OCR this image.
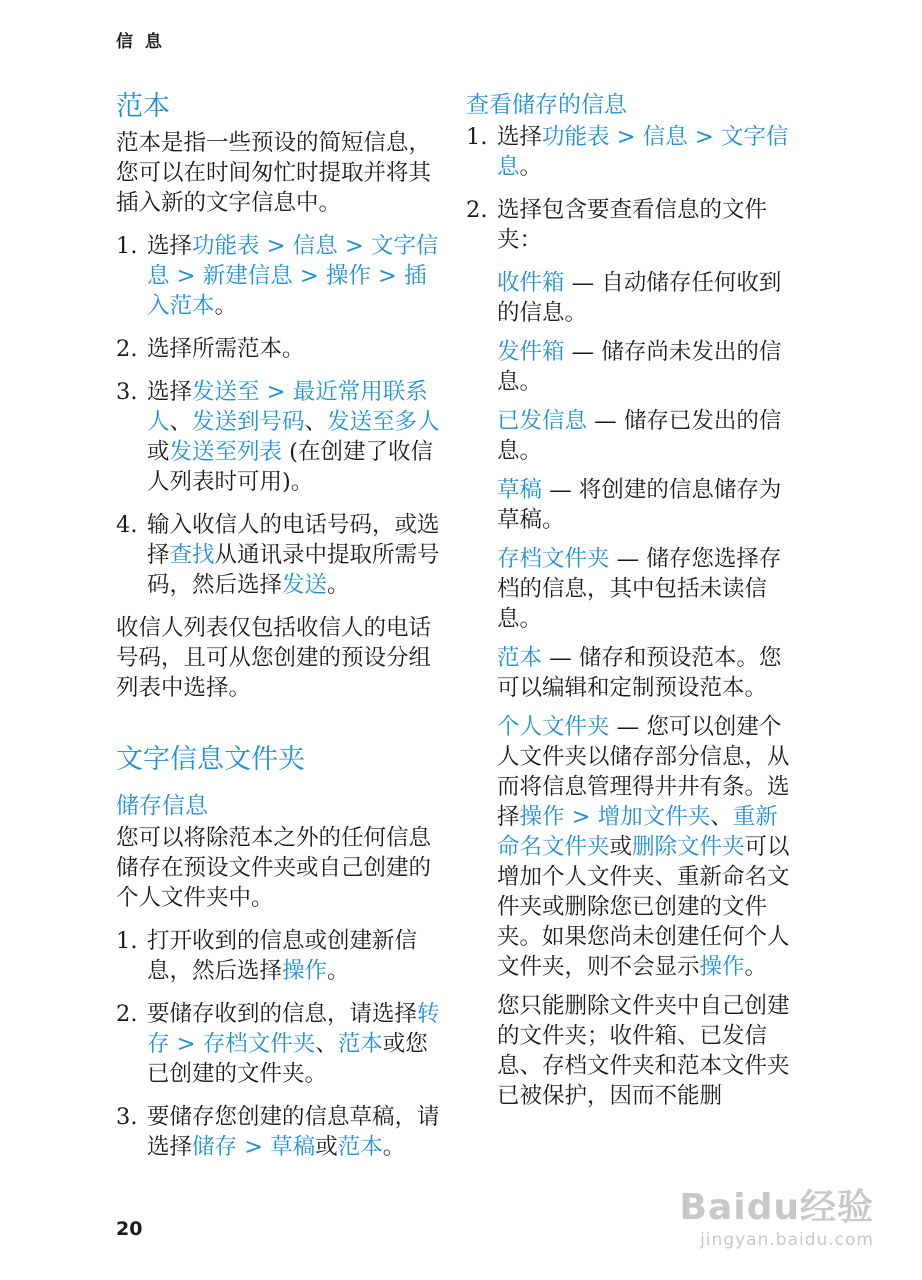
信 息
范本

范本是指一些预设的简短信息，您可以在时间匆忙时提取并将其插入新的文字信息中。

1. 选择功能表 > 信息 > 文字信息 > 新建信息 > 操作 > 插入范本。
2. 选择所需范本。
3. 选择发送至 > 最近常用联系人、发送到号码、发送至多人或发送至列表 (在创建了收信人列表时可用)。
4. 输入收信人的电话号码，或选择查找从通讯录中提取所需号码，然后选择发送。

收信人列表仅包括收信人的电话号码，且可从您创建的预设分组列表中选择。

文字信息文件夹
储存信息

您可以将除范本之外的任何信息储存在预设文件夹或自己创建的个人文件夹中。

1. 打开收到的信息或创建新信息，然后选择操作。
2. 要储存收到的信息，请选择转存 > 存档文件夹、范本或您已创建的文件夹。
3. 要储存您创建的信息草稿，请选择储存 > 草稿或范本。
查看储存的信息
1. 选择功能表 > 信息 > 文字信息。
2. 选择包含要查看信息的文件夹：

收件箱 — 自动储存任何收到的信息。

发件箱 — 储存尚未发出的信息。

已发信息 — 储存已发出的信息。

草稿 — 将创建的信息储存为草稿。

存档文件夹 — 储存您选择存档的信息，其中包括未读信息。

范本 — 储存和预设范本。您可以编辑和定制预设范本。

个人文件夹 — 您可以创建个人文件夹以储存部分信息，从而将信息管理得井井有条。选择操作 > 增加文件夹、重新命名文件夹或删除文件夹可以增加个人文件夹、重新命名文件夹或删除您已创建的文件夹。如果您尚未创建任何个人文件夹，则不会显示操作。

您只能删除文件夹中自己创建的文件夹；收件箱、已发信息、存档文件夹和范本文件夹已被保护，因而不能删

20
Baidu经验
jingyan.baidu.com
